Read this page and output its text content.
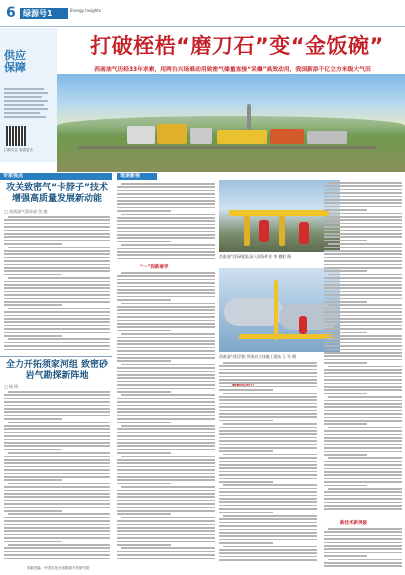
6 绿源号1	Energy Insights
供应
保障
扫码关注 查看更多
打破桎梏“磨刀石”变“金饭碗”
西南油气历经33年求索，用两台兴场难动用致密气储量直接“采爆”高效动用，我国新添千亿立方米级大气田
专家视点
攻关致密气“卡脖子”技术 增强高质量发展新动能
□ 西南油气事业部 沈 毅
全力开拓须家河组 致密砂岩气勘探新阵地
□ 杨 晖
本版责编：中国石化石油勘探开发研究院
笔谈新视
“一”到新难学
西南油气科研团队深入现场作业 李 德阳 摄
西南油气科学院 须家河主体施工现场 王 军 摄
新技术新突破
